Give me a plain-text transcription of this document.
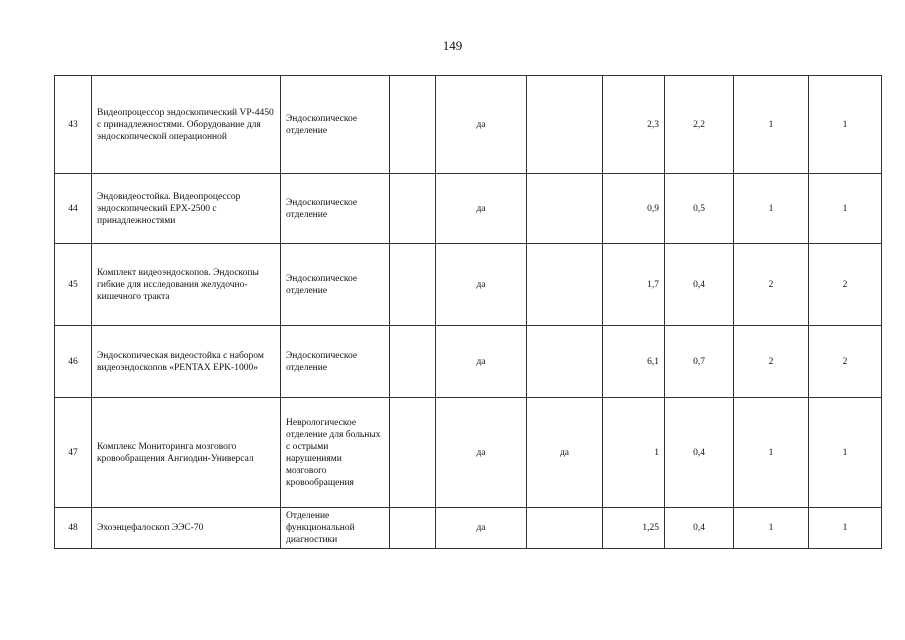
149
43	Видеопроцессор эндоскопический VP-4450 с принадлежностями. Оборудование для эндоскопической операционной	Эндоскопическое отделение		да		2,3	2,2	1	1
44	Эндовидеостойка. Видеопроцессор эндоскопический EPX-2500 с принадлежностями	Эндоскопическое отделение		да		0,9	0,5	1	1
45	Комплект видеоэндоскопов. Эндоскопы гибкие для исследования желудочно-кишечного тракта	Эндоскопическое отделение		да		1,7	0,4	2	2
46	Эндоскопическая видеостойка с набором видеоэндоскопов «PENTAX EPK-1000»	Эндоскопическое отделение		да		6,1	0,7	2	2
47	Комплекс Мониторинга мозгового кровообращения Ангиодин-Универсал	Неврологическое отделение для больных с острыми нарушениями мозгового кровообращения		да	да	1	0,4	1	1
48	Эхоэнцефалоскоп ЭЭС-70	Отделение функциональной диагностики		да		1,25	0,4	1	1
